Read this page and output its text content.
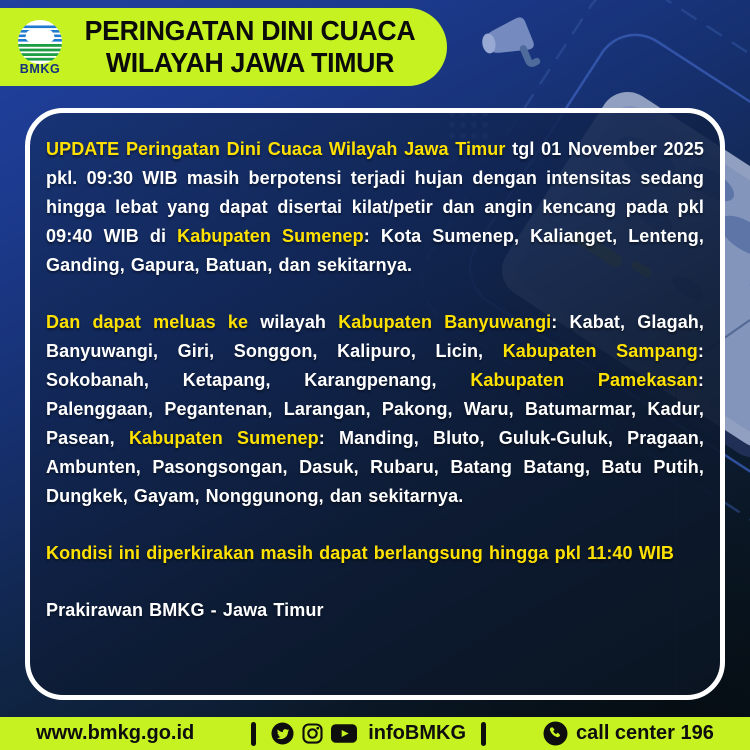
BMKG
PERINGATAN DINI CUACA
WILAYAH JAWA TIMUR

UPDATE Peringatan Dini Cuaca Wilayah Jawa Timur tgl 01 November 2025 pkl. 09:30 WIB masih berpotensi terjadi hujan dengan intensitas sedang hingga lebat yang dapat disertai kilat/petir dan angin kencang pada pkl 09:40 WIB di Kabupaten Sumenep: Kota Sumenep, Kalianget, Lenteng, Ganding, Gapura, Batuan, dan sekitarnya.

Dan dapat meluas ke wilayah Kabupaten Banyuwangi: Kabat, Glagah, Banyuwangi, Giri, Songgon, Kalipuro, Licin, Kabupaten Sampang: Sokobanah, Ketapang, Karangpenang, Kabupaten Pamekasan: Palenggaan, Pegantenan, Larangan, Pakong, Waru, Batumarmar, Kadur, Pasean, Kabupaten Sumenep: Manding, Bluto, Guluk-Guluk, Pragaan, Ambunten, Pasongsongan, Dasuk, Rubaru, Batang Batang, Batu Putih, Dungkek, Gayam, Nonggunong, dan sekitarnya.

Kondisi ini diperkirakan masih dapat berlangsung hingga pkl 11:40 WIB

Prakirawan BMKG - Jawa Timur

www.bmkg.go.id	infoBMKG	call center 196
